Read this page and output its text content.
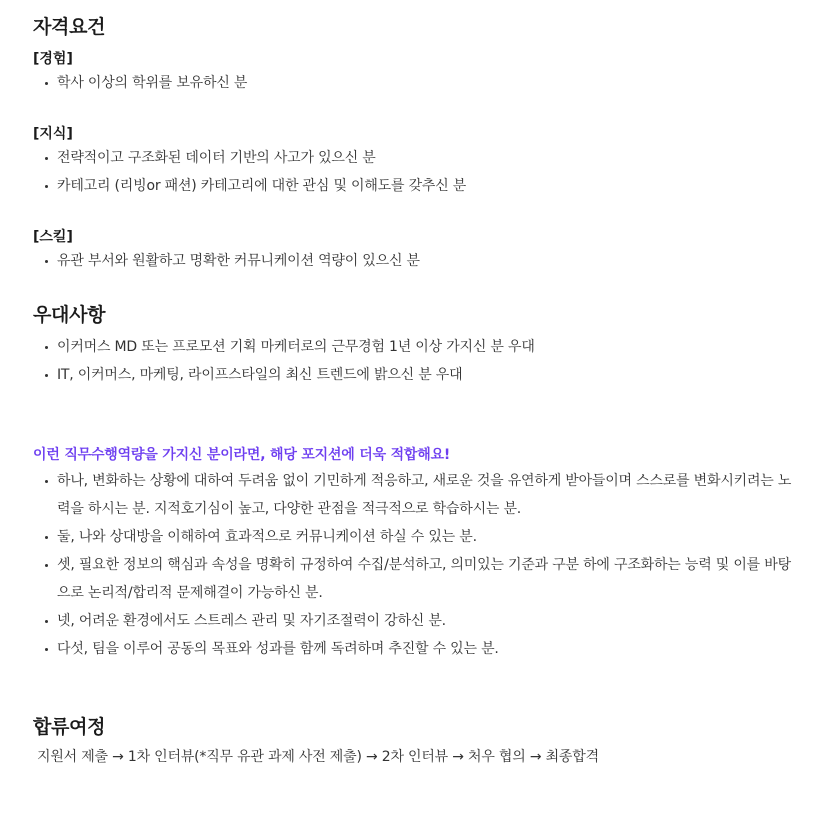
자격요건

[경험]

학사 이상의 학위를 보유하신 분

[지식]

전략적이고 구조화된 데이터 기반의 사고가 있으신 분
카테고리 (리빙or 패션) 카테고리에 대한 관심 및 이해도를 갖추신 분

[스킬]

유관 부서와 원활하고 명확한 커뮤니케이션 역량이 있으신 분
우대사항
이커머스 MD 또는 프로모션 기획 마케터로의 근무경험 1년 이상 가지신 분 우대
IT, 이커머스, 마케팅, 라이프스타일의 최신 트렌드에 밝으신 분 우대

이런 직무수행역량을 가지신 분이라면, 해당 포지션에 더욱 적합해요!

하나, 변화하는 상황에 대하여 두려움 없이 기민하게 적응하고, 새로운 것을 유연하게 받아들이며 스스로를 변화시키려는 노력을 하시는 분. 지적호기심이 높고, 다양한 관점을 적극적으로 학습하시는 분.
둘, 나와 상대방을 이해하여 효과적으로 커뮤니케이션 하실 수 있는 분.
셋, 필요한 정보의 핵심과 속성을 명확히 규정하여 수집/분석하고, 의미있는 기준과 구분 하에 구조화하는 능력 및 이를 바탕으로 논리적/합리적 문제해결이 가능하신 분.
넷, 어려운 환경에서도 스트레스 관리 및 자기조절력이 강하신 분.
다섯, 팀을 이루어 공동의 목표와 성과를 함께 독려하며 추진할 수 있는 분.
합류여정
지원서 제출 → 1차 인터뷰(*직무 유관 과제 사전 제출) → 2차 인터뷰 → 처우 협의 → 최종합격
